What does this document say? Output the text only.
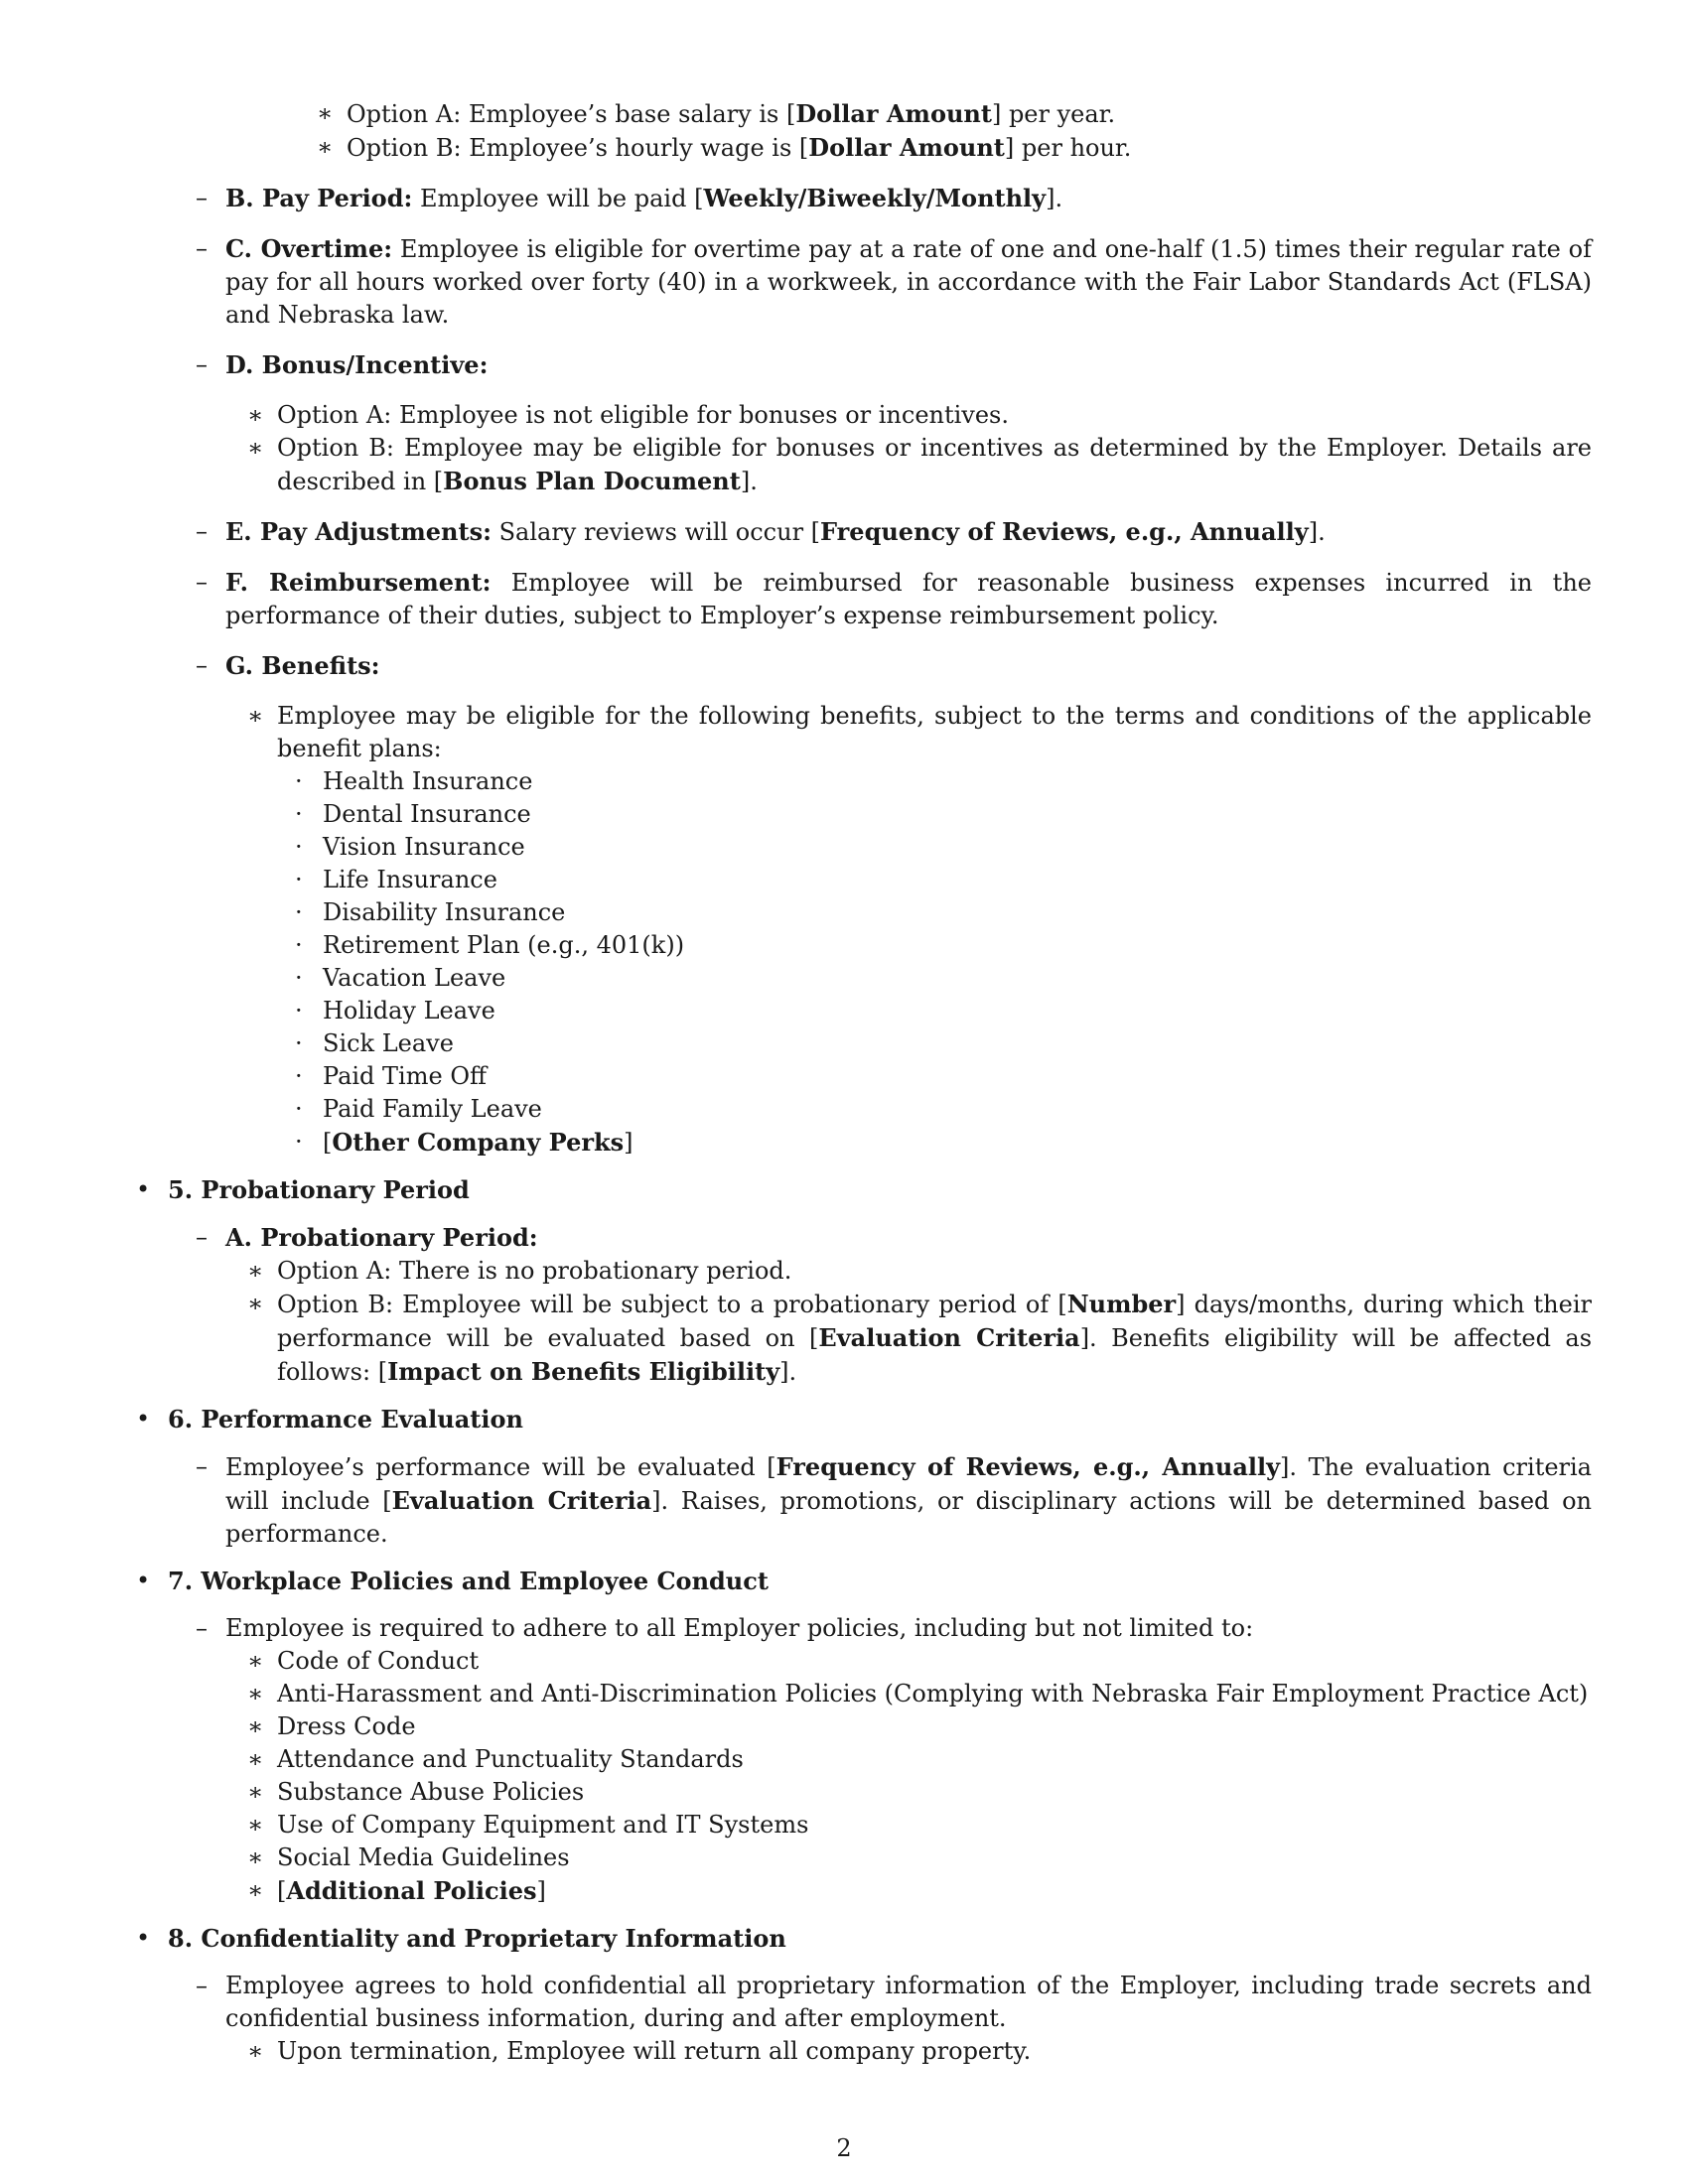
∗ Option A: Employee’s base salary is [Dollar Amount] per year.
∗ Option B: Employee’s hourly wage is [Dollar Amount] per hour.
– B. Pay Period: Employee will be paid [Weekly/Biweekly/Monthly].
– C. Overtime: Employee is eligible for overtime pay at a rate of one and one-half (1.5) times their regular rate of pay for all hours worked over forty (40) in a workweek, in accordance with the Fair Labor Standards Act (FLSA) and Nebraska law.
– D. Bonus/Incentive:
∗ Option A: Employee is not eligible for bonuses or incentives.
∗ Option B: Employee may be eligible for bonuses or incentives as determined by the Employer. Details are described in [Bonus Plan Document].
– E. Pay Adjustments: Salary reviews will occur [Frequency of Reviews, e.g., Annually].
– F. Reimbursement: Employee will be reimbursed for reasonable business expenses incurred in the performance of their duties, subject to Employer’s expense reimbursement policy.
– G. Benefits:
∗ Employee may be eligible for the following benefits, subject to the terms and conditions of the applicable benefit plans:
· Health Insurance
· Dental Insurance
· Vision Insurance
· Life Insurance
· Disability Insurance
· Retirement Plan (e.g., 401(k))
· Vacation Leave
· Holiday Leave
· Sick Leave
· Paid Time Off
· Paid Family Leave
· [Other Company Perks]
• 5. Probationary Period
– A. Probationary Period:
∗ Option A: There is no probationary period.
∗ Option B: Employee will be subject to a probationary period of [Number] days/months, during which their performance will be evaluated based on [Evaluation Criteria]. Benefits eligibility will be affected as follows: [Impact on Benefits Eligibility].
• 6. Performance Evaluation
– Employee’s performance will be evaluated [Frequency of Reviews, e.g., Annually]. The evaluation criteria will include [Evaluation Criteria]. Raises, promotions, or disciplinary actions will be determined based on performance.
• 7. Workplace Policies and Employee Conduct
– Employee is required to adhere to all Employer policies, including but not limited to:
∗ Code of Conduct
∗ Anti-Harassment and Anti-Discrimination Policies (Complying with Nebraska Fair Employment Practice Act)
∗ Dress Code
∗ Attendance and Punctuality Standards
∗ Substance Abuse Policies
∗ Use of Company Equipment and IT Systems
∗ Social Media Guidelines
∗ [Additional Policies]
• 8. Confidentiality and Proprietary Information
– Employee agrees to hold confidential all proprietary information of the Employer, including trade secrets and confidential business information, during and after employment.
∗ Upon termination, Employee will return all company property.
2
